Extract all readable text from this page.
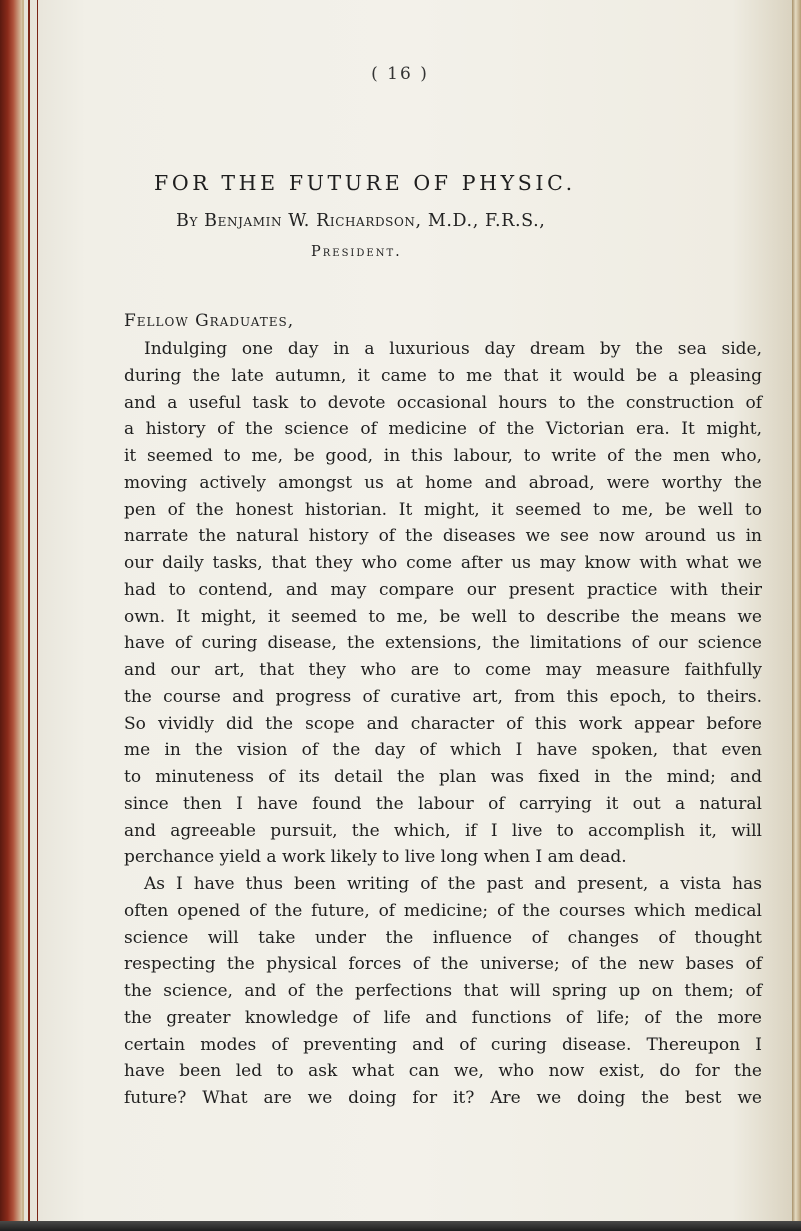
( 16 )
FOR THE FUTURE OF PHYSIC.
By Benjamin W. Richardson, M.D., F.R.S.,
President.
Fellow Graduates,
Indulging one day in a luxurious day dream by the sea side,
during the late autumn, it came to me that it would be a pleasing
and a useful task to devote occasional hours to the construction of
a history of the science of medicine of the Victorian era. It might,
it seemed to me, be good, in this labour, to write of the men who,
moving actively amongst us at home and abroad, were worthy the
pen of the honest historian. It might, it seemed to me, be well to
narrate the natural history of the diseases we see now around us in
our daily tasks, that they who come after us may know with what we
had to contend, and may compare our present practice with their
own. It might, it seemed to me, be well to describe the means we
have of curing disease, the extensions, the limitations of our science
and our art, that they who are to come may measure faithfully
the course and progress of curative art, from this epoch, to theirs.
So vividly did the scope and character of this work appear before
me in the vision of the day of which I have spoken, that even
to minuteness of its detail the plan was fixed in the mind; and
since then I have found the labour of carrying it out a natural
and agreeable pursuit, the which, if I live to accomplish it, will
perchance yield a work likely to live long when I am dead.
As I have thus been writing of the past and present, a vista has
often opened of the future, of medicine; of the courses which medical
science will take under the influence of changes of thought
respecting the physical forces of the universe; of the new bases of
the science, and of the perfections that will spring up on them; of
the greater knowledge of life and functions of life; of the more
certain modes of preventing and of curing disease. Thereupon I
have been led to ask what can we, who now exist, do for the
future? What are we doing for it? Are we doing the best we
